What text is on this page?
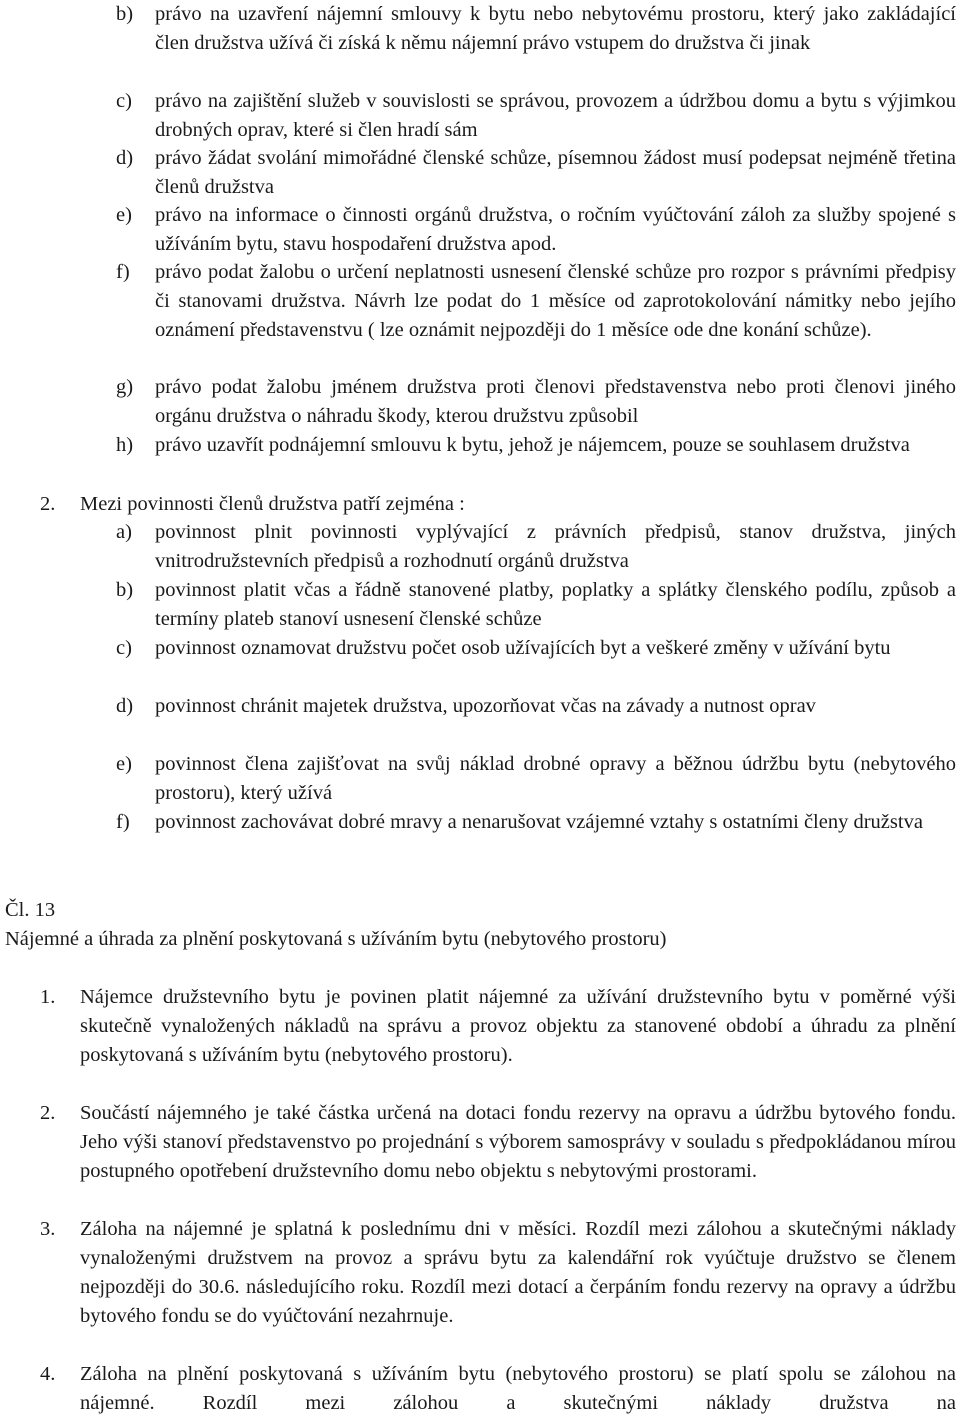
b) právo na uzavření nájemní smlouvy k bytu nebo nebytovému prostoru, který jako zakládající člen družstva užívá či získá k němu nájemní právo vstupem do družstva či jinak
c) právo na zajištění služeb v souvislosti se správou, provozem a údržbou domu a bytu s výjimkou drobných oprav, které si člen hradí sám
d) právo žádat svolání mimořádné členské schůze, písemnou žádost musí podepsat nejméně třetina členů družstva
e) právo na informace o činnosti orgánů družstva, o ročním vyúčtování záloh za služby spojené s užíváním bytu, stavu hospodaření družstva apod.
f) právo podat žalobu o určení neplatnosti usnesení členské schůze pro rozpor s právními předpisy či stanovami družstva. Návrh lze podat do 1 měsíce od zaprotokolování námitky nebo jejího oznámení představenstvu ( lze oznámit nejpozději do 1 měsíce ode dne konání schůze).
g) právo podat žalobu jménem družstva proti členovi představenstva nebo proti členovi jiného orgánu družstva o náhradu škody, kterou družstvu způsobil
h) právo uzavřít podnájemní smlouvu k bytu, jehož je nájemcem, pouze se souhlasem družstva
2. Mezi povinnosti členů družstva patří zejména :
a) povinnost plnit povinnosti vyplývající z právních předpisů, stanov družstva, jiných vnitrodružstevních předpisů a rozhodnutí orgánů družstva
b) povinnost platit včas a řádně stanovené platby, poplatky a splátky členského podílu, způsob a termíny plateb stanoví usnesení členské schůze
c) povinnost oznamovat družstvu počet osob užívajících byt a veškeré změny v užívání bytu
d) povinnost chránit majetek družstva, upozorňovat včas na závady a nutnost oprav
e) povinnost člena zajišťovat na svůj náklad drobné opravy a běžnou údržbu bytu (nebytového prostoru), který užívá
f) povinnost zachovávat dobré mravy a nenarušovat vzájemné vztahy s ostatními členy družstva
Čl. 13
Nájemné a úhrada za plnění poskytovaná s užíváním bytu (nebytového prostoru)
1. Nájemce družstevního bytu je povinen platit nájemné za užívání družstevního bytu v poměrné výši skutečně vynaložených nákladů na správu a provoz objektu za stanovené období a úhradu za plnění poskytovaná s užíváním bytu (nebytového prostoru).
2. Součástí nájemného je také částka určená na dotaci fondu rezervy na opravu a údržbu bytového fondu. Jeho výši stanoví představenstvo po projednání s výborem samosprávy v souladu s předpokládanou mírou postupného opotřebení družstevního domu nebo objektu s nebytovými prostorami.
3. Záloha na nájemné je splatná k poslednímu dni v měsíci. Rozdíl mezi zálohou a skutečnými náklady vynaloženými družstvem na provoz a správu bytu za kalendářní rok vyúčtuje družstvo se členem nejpozději do 30.6. následujícího roku. Rozdíl mezi dotací a čerpáním fondu rezervy na opravy a údržbu bytového fondu se do vyúčtování nezahrnuje.
4. Záloha na plnění poskytovaná s užíváním bytu (nebytového prostoru) se platí spolu se zálohou na nájemné. Rozdíl mezi zálohou a skutečnými náklady družstva na
